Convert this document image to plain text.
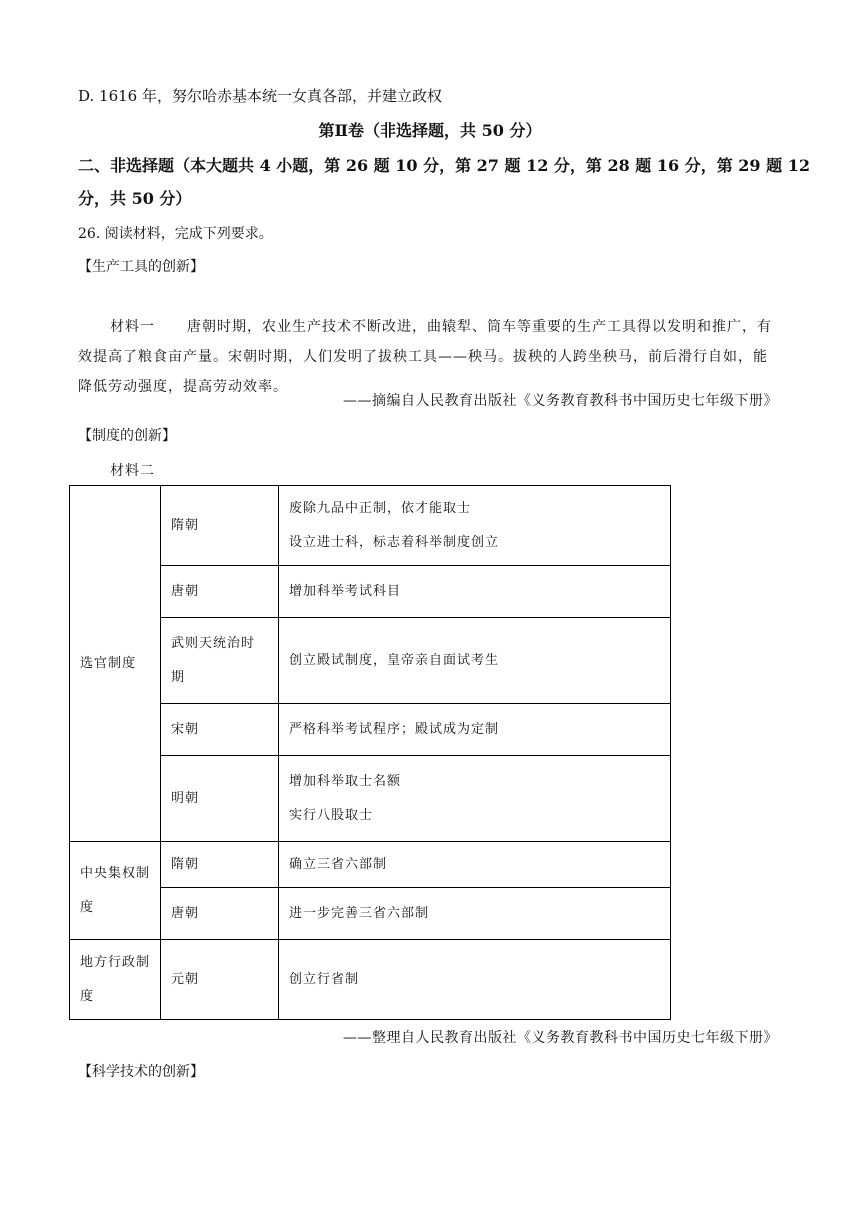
D. 1616 年，努尔哈赤基本统一女真各部，并建立政权
第Ⅱ卷（非选择题，共 50 分）
二、非选择题（本大题共 4 小题，第 26 题 10 分，第 27 题 12 分，第 28 题 16 分，第 29 题 12
分，共 50 分）
26. 阅读材料，完成下列要求。
【生产工具的创新】
材料一 唐朝时期，农业生产技术不断改进，曲辕犁、筒车等重要的生产工具得以发明和推广，有效提高了粮食亩产量。宋朝时期，人们发明了拔秧工具——秧马。拔秧的人跨坐秧马，前后滑行自如，能降低劳动强度，提高劳动效率。
——摘编自人民教育出版社《义务教育教科书中国历史七年级下册》
【制度的创新】
材料二
选官制度	隋朝	废除九品中正制，依才能取士
设立进士科，标志着科举制度创立

	唐朝	增加科举考试科目
	武则天统治时期	创立殿试制度，皇帝亲自面试考生
	宋朝	严格科举考试程序；殿试成为定制
	明朝	增加科举取士名额
实行八股取士

中央集权制度	隋朝	确立三省六部制
	唐朝	进一步完善三省六部制
地方行政制度	元朝	创立行省制
——整理自人民教育出版社《义务教育教科书中国历史七年级下册》
【科学技术的创新】
